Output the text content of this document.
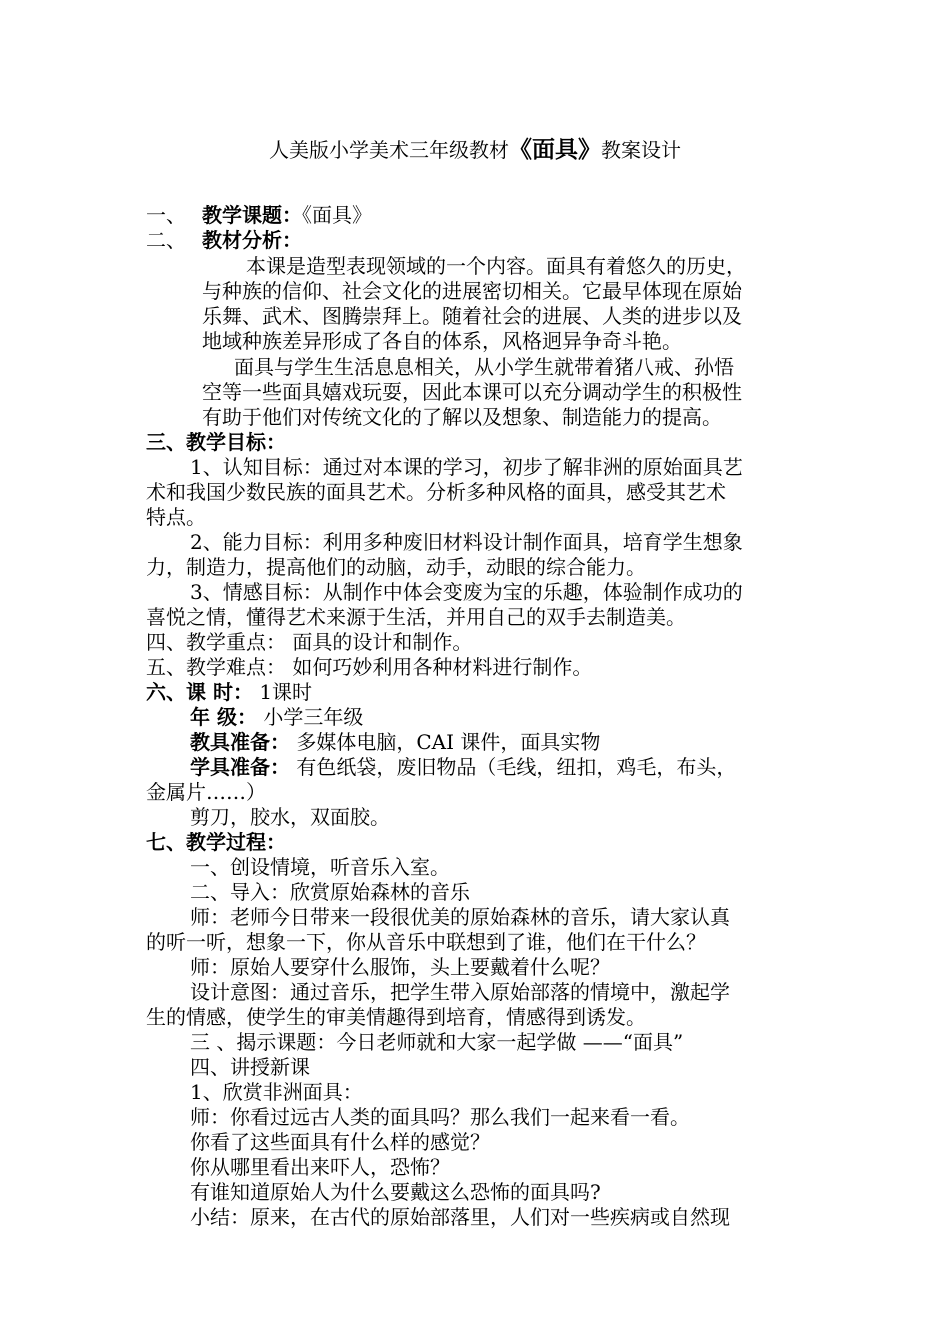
人美版小学美术三年级教材《面具》教案设计
一、 教学课题：《面具》
二、 教材分析：
本课是造型表现领域的一个内容。面具有着悠久的历史，
与种族的信仰、社会文化的进展密切相关。它最早体现在原始
乐舞、武术、图腾崇拜上。随着社会的进展、人类的进步以及
地域种族差异形成了各自的体系，风格迥异争奇斗艳。
面具与学生生活息息相关，从小学生就带着猪八戒、孙悟
空等一些面具嬉戏玩耍，因此本课可以充分调动学生的积极性
有助于他们对传统文化的了解以及想象、制造能力的提高。
三、教学目标：
1、认知目标：通过对本课的学习，初步了解非洲的原始面具艺
术和我国少数民族的面具艺术。分析多种风格的面具，感受其艺术
特点。
2、能力目标：利用多种废旧材料设计制作面具，培育学生想象
力，制造力，提高他们的动脑，动手，动眼的综合能力。
3、情感目标：从制作中体会变废为宝的乐趣，体验制作成功的
喜悦之情，懂得艺术来源于生活，并用自己的双手去制造美。
四、教学重点： 面具的设计和制作。
五、教学难点： 如何巧妙利用各种材料进行制作。
六、课 时： 1课时
年 级： 小学三年级
教具准备： 多媒体电脑，CAI 课件，面具实物
学具准备： 有色纸袋，废旧物品（毛线，纽扣，鸡毛，布头，
金属片……）
剪刀，胶水，双面胶。
七、教学过程：
一、创设情境，听音乐入室。
二、导入：欣赏原始森林的音乐
师：老师今日带来一段很优美的原始森林的音乐，请大家认真
的听一听，想象一下，你从音乐中联想到了谁，他们在干什么？
师：原始人要穿什么服饰，头上要戴着什么呢？
设计意图：通过音乐，把学生带入原始部落的情境中，激起学
生的情感，使学生的审美情趣得到培育，情感得到诱发。
三 、揭示课题：今日老师就和大家一起学做 ——“面具”
四、讲授新课
1、欣赏非洲面具：
师：你看过远古人类的面具吗？那么我们一起来看一看。
你看了这些面具有什么样的感觉？
你从哪里看出来吓人，恐怖？
有谁知道原始人为什么要戴这么恐怖的面具吗?
小结：原来，在古代的原始部落里，人们对一些疾病或自然现
